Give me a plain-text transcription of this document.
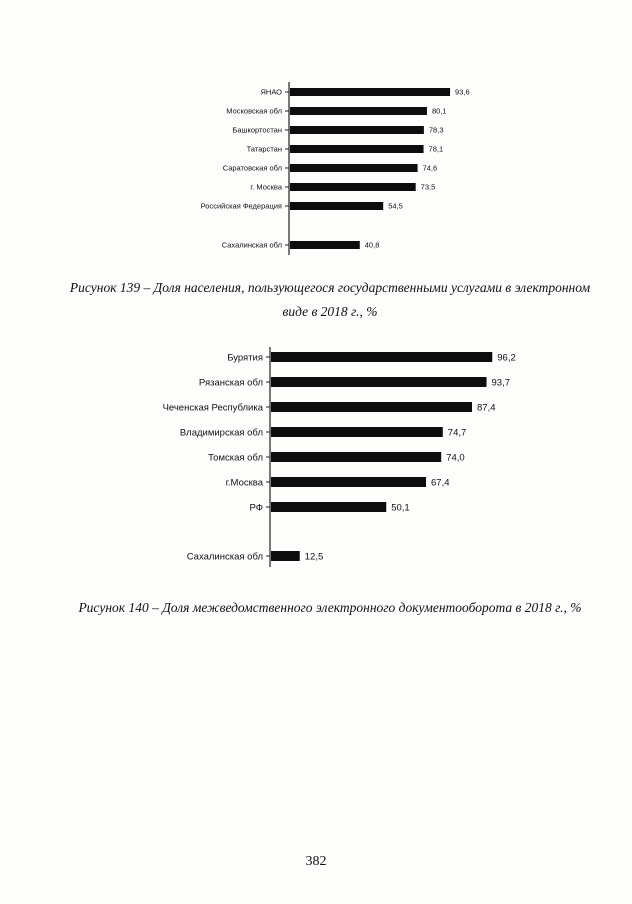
ЯНАО	93,6
Московская обл	80,1
Башкортостан	78,3
Татарстан	78,1
Саратовская обл	74,6
г. Москва	73,5
Российская Федерация	54,5
Сахалинская обл	40,8
Рисунок 139 – Доля населения, пользующегося государственными услугами в электронном виде в 2018 г., %
Бурятия	96,2
Рязанская обл	93,7
Чеченская Республика	87,4
Владимирская обл	74,7
Томская обл	74,0
г.Москва	67,4
РФ	50,1
Сахалинская обл	12,5
Рисунок 140 – Доля межведомственного электронного документооборота в 2018 г., %
382
